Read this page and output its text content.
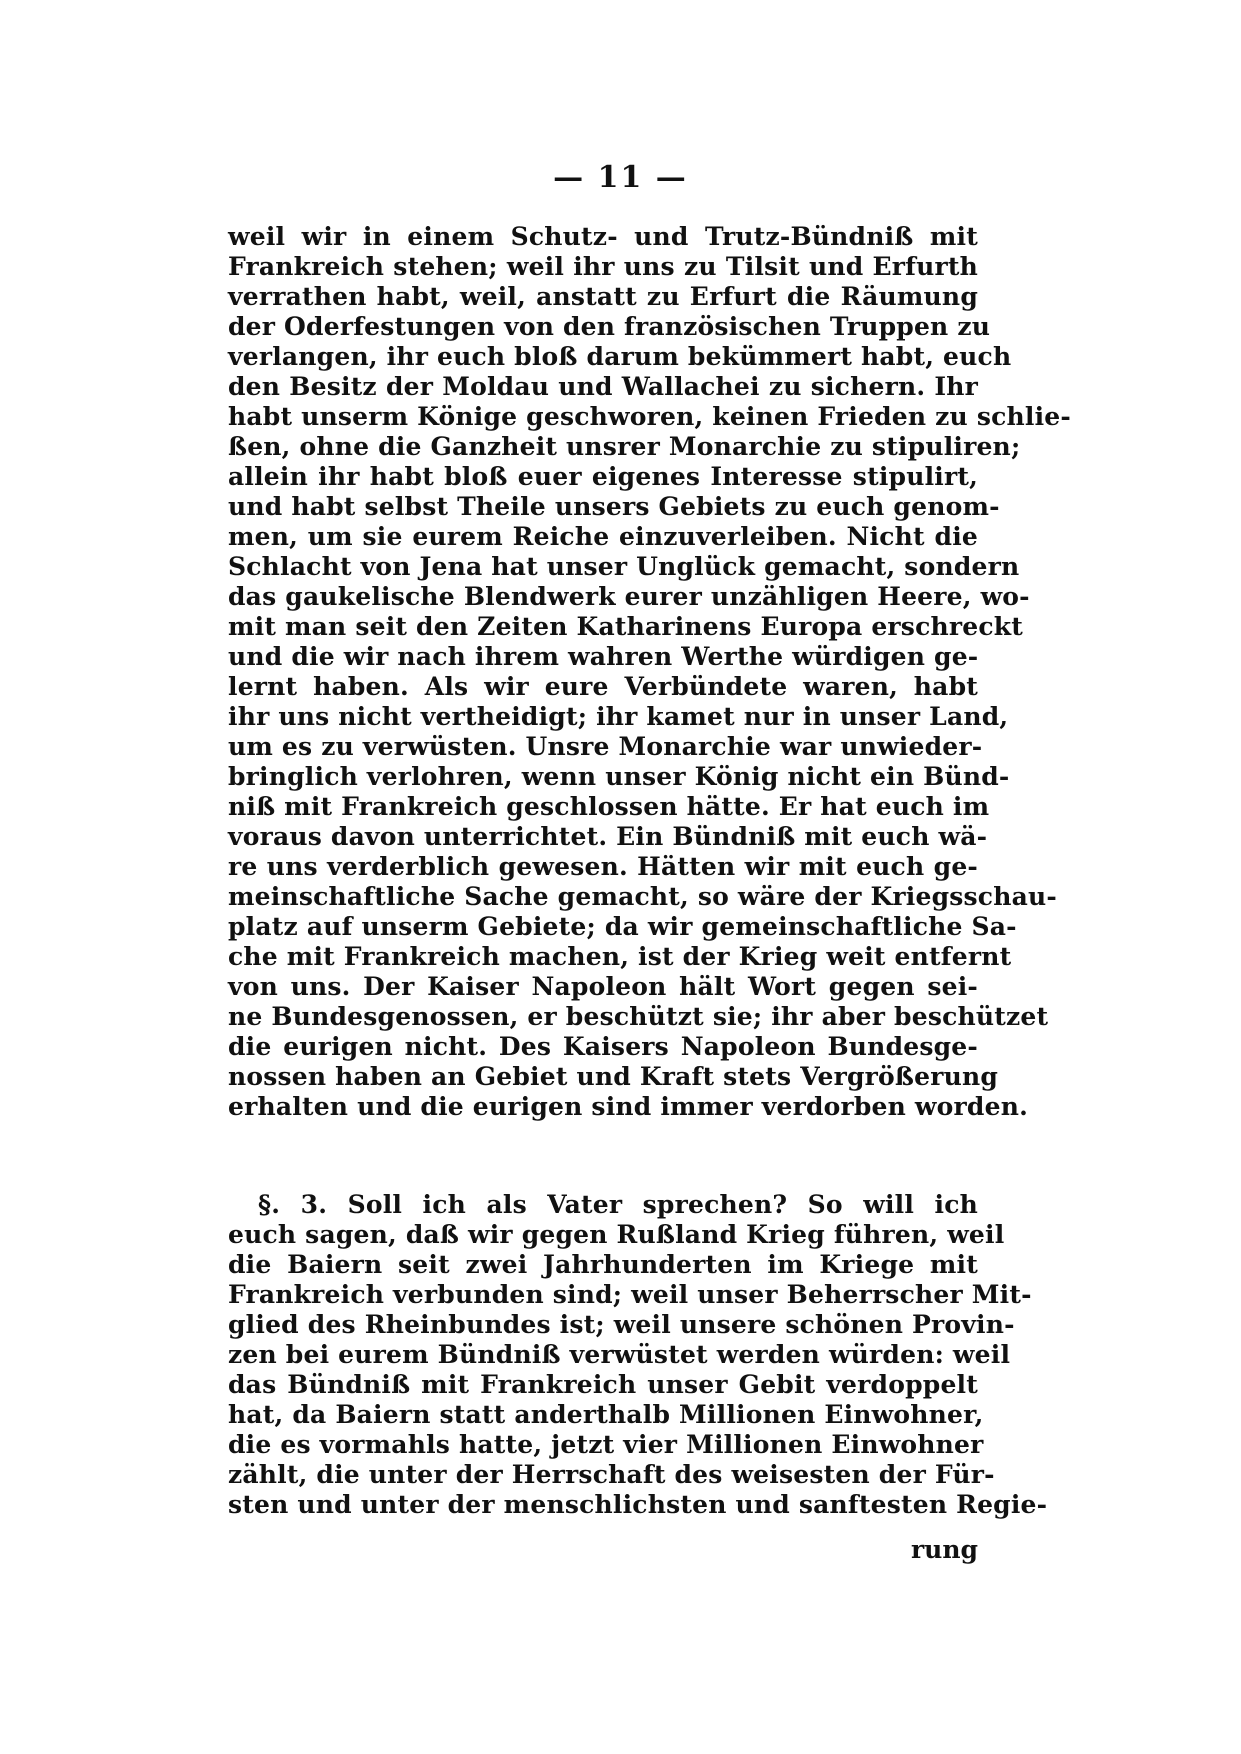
— 11 —
weil wir in einem Schutz- und Trutz-Bündniß mit
Frankreich stehen; weil ihr uns zu Tilsit und Erfurth
verrathen habt, weil, anstatt zu Erfurt die Räumung
der Oderfestungen von den französischen Truppen zu
verlangen, ihr euch bloß darum bekümmert habt, euch
den Besitz der Moldau und Wallachei zu sichern. Ihr
habt unserm Könige geschworen, keinen Frieden zu schlie-
ßen, ohne die Ganzheit unsrer Monarchie zu stipuliren;
allein ihr habt bloß euer eigenes Interesse stipulirt,
und habt selbst Theile unsers Gebiets zu euch genom-
men, um sie eurem Reiche einzuverleiben. Nicht die
Schlacht von Jena hat unser Unglück gemacht, sondern
das gaukelische Blendwerk eurer unzähligen Heere, wo-
mit man seit den Zeiten Katharinens Europa erschreckt
und die wir nach ihrem wahren Werthe würdigen ge-
lernt haben. Als wir eure Verbündete waren, habt
ihr uns nicht vertheidigt; ihr kamet nur in unser Land,
um es zu verwüsten. Unsre Monarchie war unwieder-
bringlich verlohren, wenn unser König nicht ein Bünd-
niß mit Frankreich geschlossen hätte. Er hat euch im
voraus davon unterrichtet. Ein Bündniß mit euch wä-
re uns verderblich gewesen. Hätten wir mit euch ge-
meinschaftliche Sache gemacht, so wäre der Kriegsschau-
platz auf unserm Gebiete; da wir gemeinschaftliche Sa-
che mit Frankreich machen, ist der Krieg weit entfernt
von uns. Der Kaiser Napoleon hält Wort gegen sei-
ne Bundesgenossen, er beschützt sie; ihr aber beschützet
die eurigen nicht. Des Kaisers Napoleon Bundesge-
nossen haben an Gebiet und Kraft stets Vergrößerung
erhalten und die eurigen sind immer verdorben worden.
§. 3. Soll ich als Vater sprechen? So will ich
euch sagen, daß wir gegen Rußland Krieg führen, weil
die Baiern seit zwei Jahrhunderten im Kriege mit
Frankreich verbunden sind; weil unser Beherrscher Mit-
glied des Rheinbundes ist; weil unsere schönen Provin-
zen bei eurem Bündniß verwüstet werden würden: weil
das Bündniß mit Frankreich unser Gebit verdoppelt
hat, da Baiern statt anderthalb Millionen Einwohner,
die es vormahls hatte, jetzt vier Millionen Einwohner
zählt, die unter der Herrschaft des weisesten der Für-
sten und unter der menschlichsten und sanftesten Regie-
rung
